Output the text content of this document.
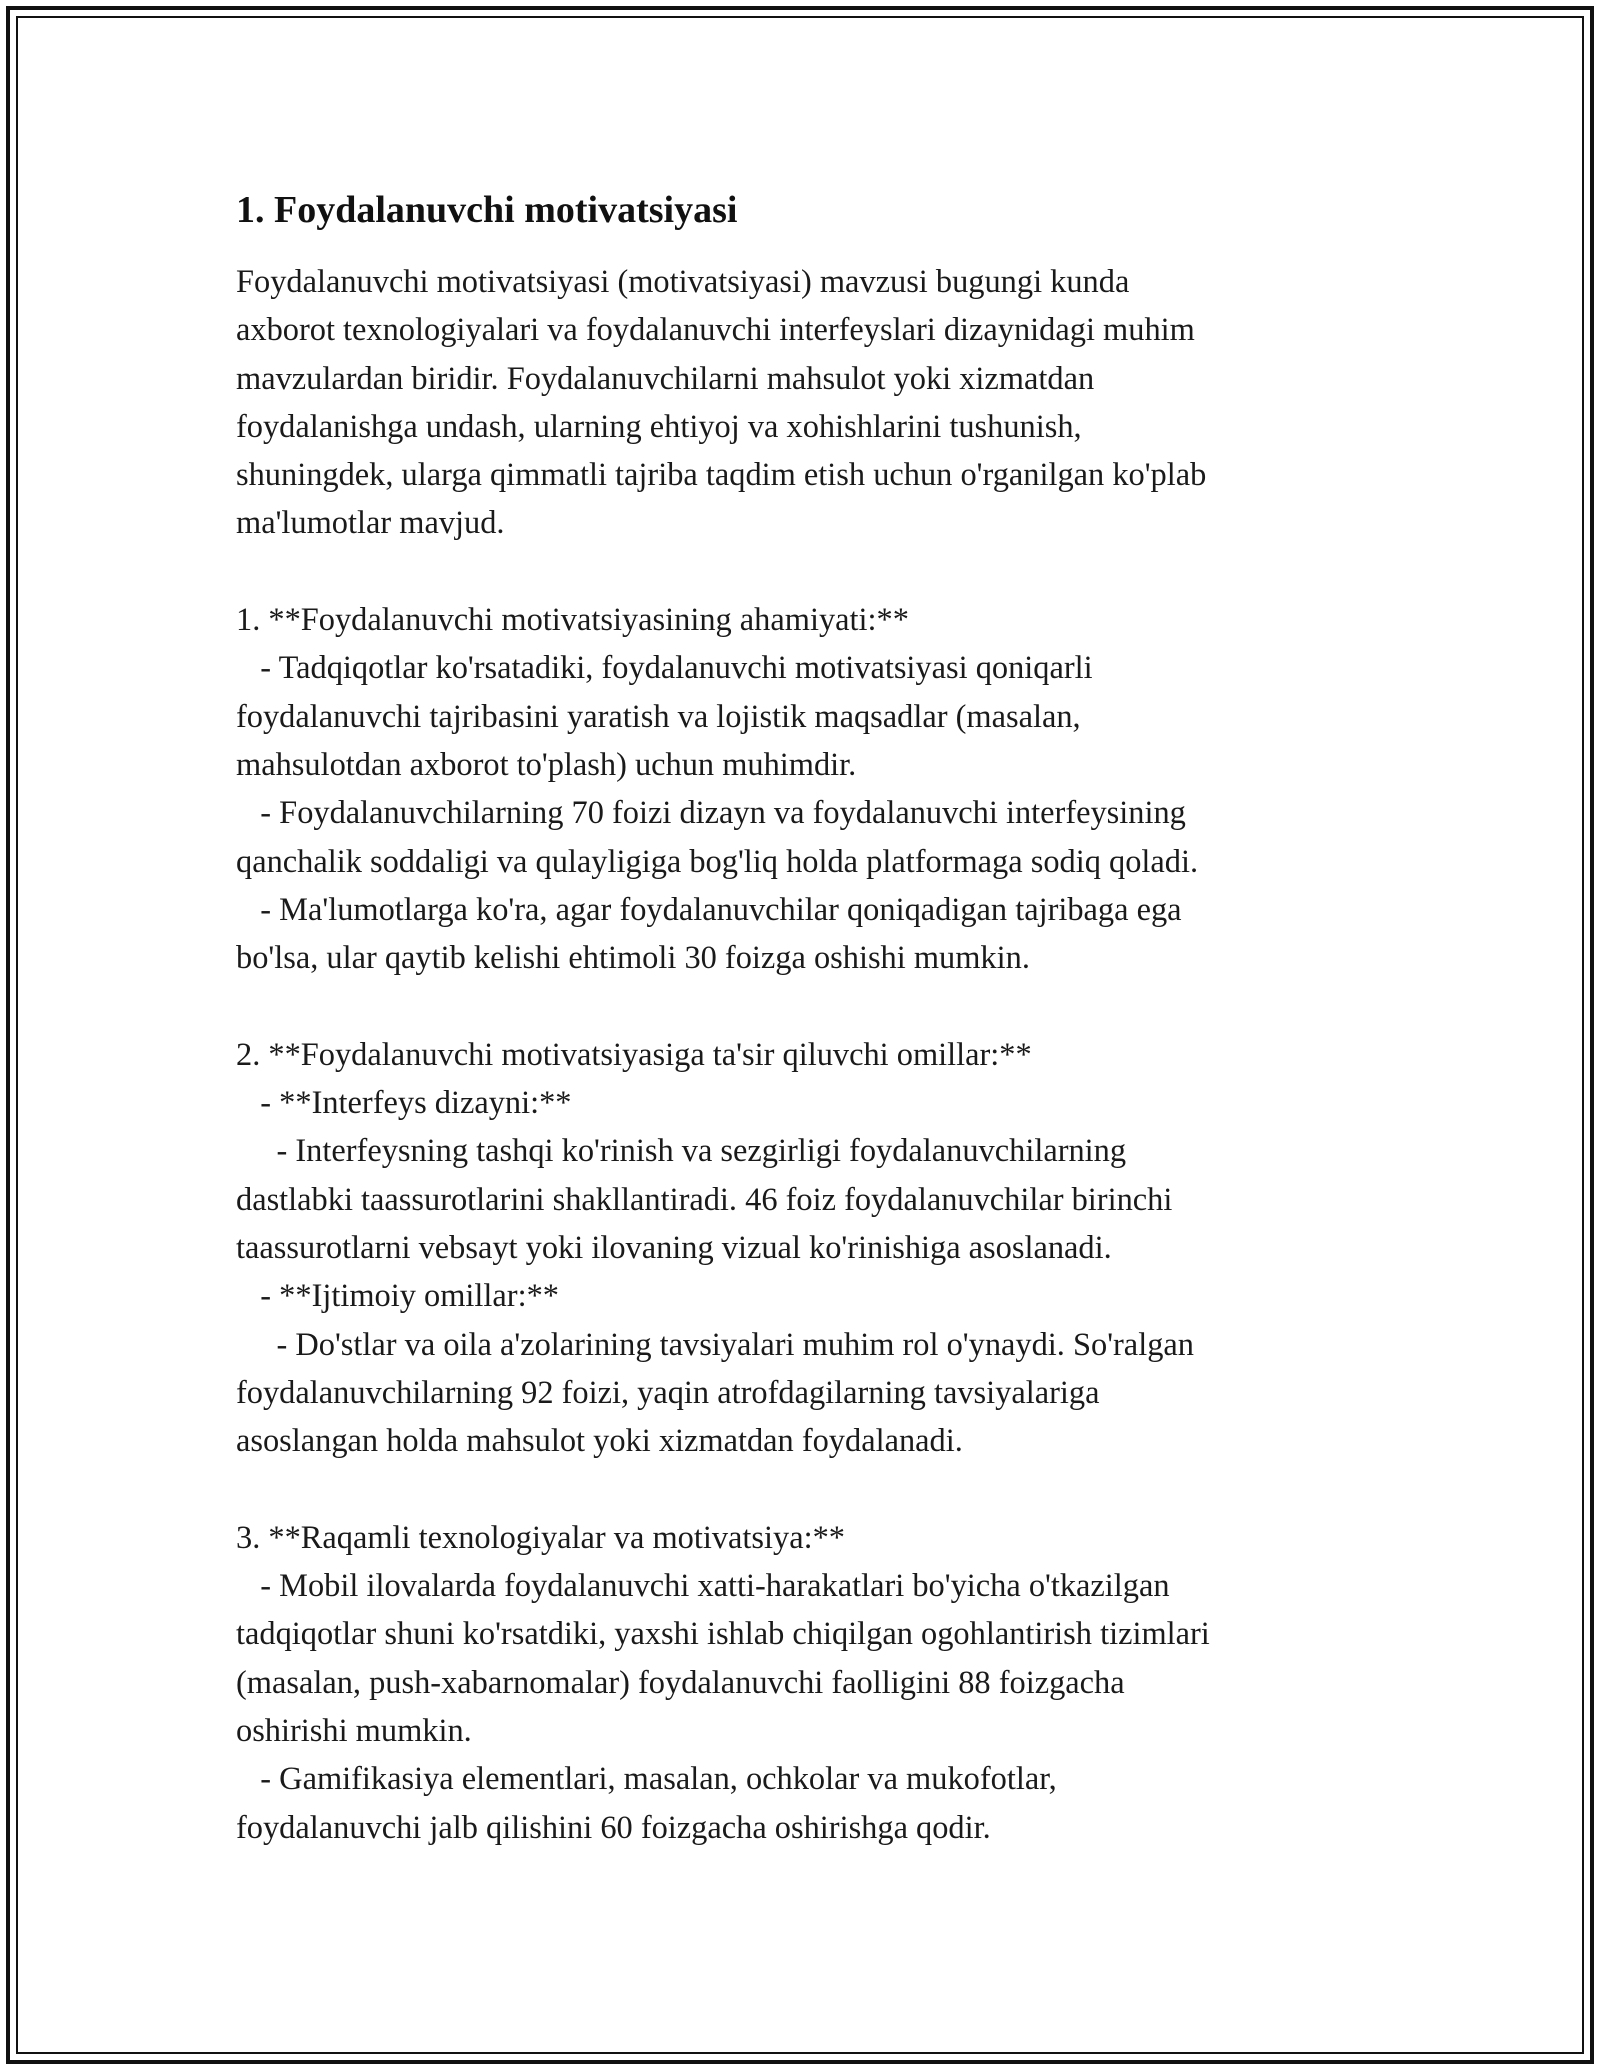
1. Foydalanuvchi motivatsiyasi

Foydalanuvchi motivatsiyasi (motivatsiyasi) mavzusi bugungi kunda
axborot texnologiyalari va foydalanuvchi interfeyslari dizaynidagi muhim
mavzulardan biridir. Foydalanuvchilarni mahsulot yoki xizmatdan
foydalanishga undash, ularning ehtiyoj va xohishlarini tushunish,
shuningdek, ularga qimmatli tajriba taqdim etish uchun o'rganilgan ko'plab
ma'lumotlar mavjud.

1. **Foydalanuvchi motivatsiyasining ahamiyati:**
- Tadqiqotlar ko'rsatadiki, foydalanuvchi motivatsiyasi qoniqarli
foydalanuvchi tajribasini yaratish va lojistik maqsadlar (masalan,
mahsulotdan axborot to'plash) uchun muhimdir.
- Foydalanuvchilarning 70 foizi dizayn va foydalanuvchi interfeysining
qanchalik soddaligi va qulayligiga bog'liq holda platformaga sodiq qoladi.
- Ma'lumotlarga ko'ra, agar foydalanuvchilar qoniqadigan tajribaga ega
bo'lsa, ular qaytib kelishi ehtimoli 30 foizga oshishi mumkin.

2. **Foydalanuvchi motivatsiyasiga ta'sir qiluvchi omillar:**
- **Interfeys dizayni:**
- Interfeysning tashqi ko'rinish va sezgirligi foydalanuvchilarning
dastlabki taassurotlarini shakllantiradi. 46 foiz foydalanuvchilar birinchi
taassurotlarni vebsayt yoki ilovaning vizual ko'rinishiga asoslanadi.
- **Ijtimoiy omillar:**
- Do'stlar va oila a'zolarining tavsiyalari muhim rol o'ynaydi. So'ralgan
foydalanuvchilarning 92 foizi, yaqin atrofdagilarning tavsiyalariga
asoslangan holda mahsulot yoki xizmatdan foydalanadi.

3. **Raqamli texnologiyalar va motivatsiya:**
- Mobil ilovalarda foydalanuvchi xatti-harakatlari bo'yicha o'tkazilgan
tadqiqotlar shuni ko'rsatdiki, yaxshi ishlab chiqilgan ogohlantirish tizimlari
(masalan, push-xabarnomalar) foydalanuvchi faolligini 88 foizgacha
oshirishi mumkin.
- Gamifikasiya elementlari, masalan, ochkolar va mukofotlar,
foydalanuvchi jalb qilishini 60 foizgacha oshirishga qodir.
